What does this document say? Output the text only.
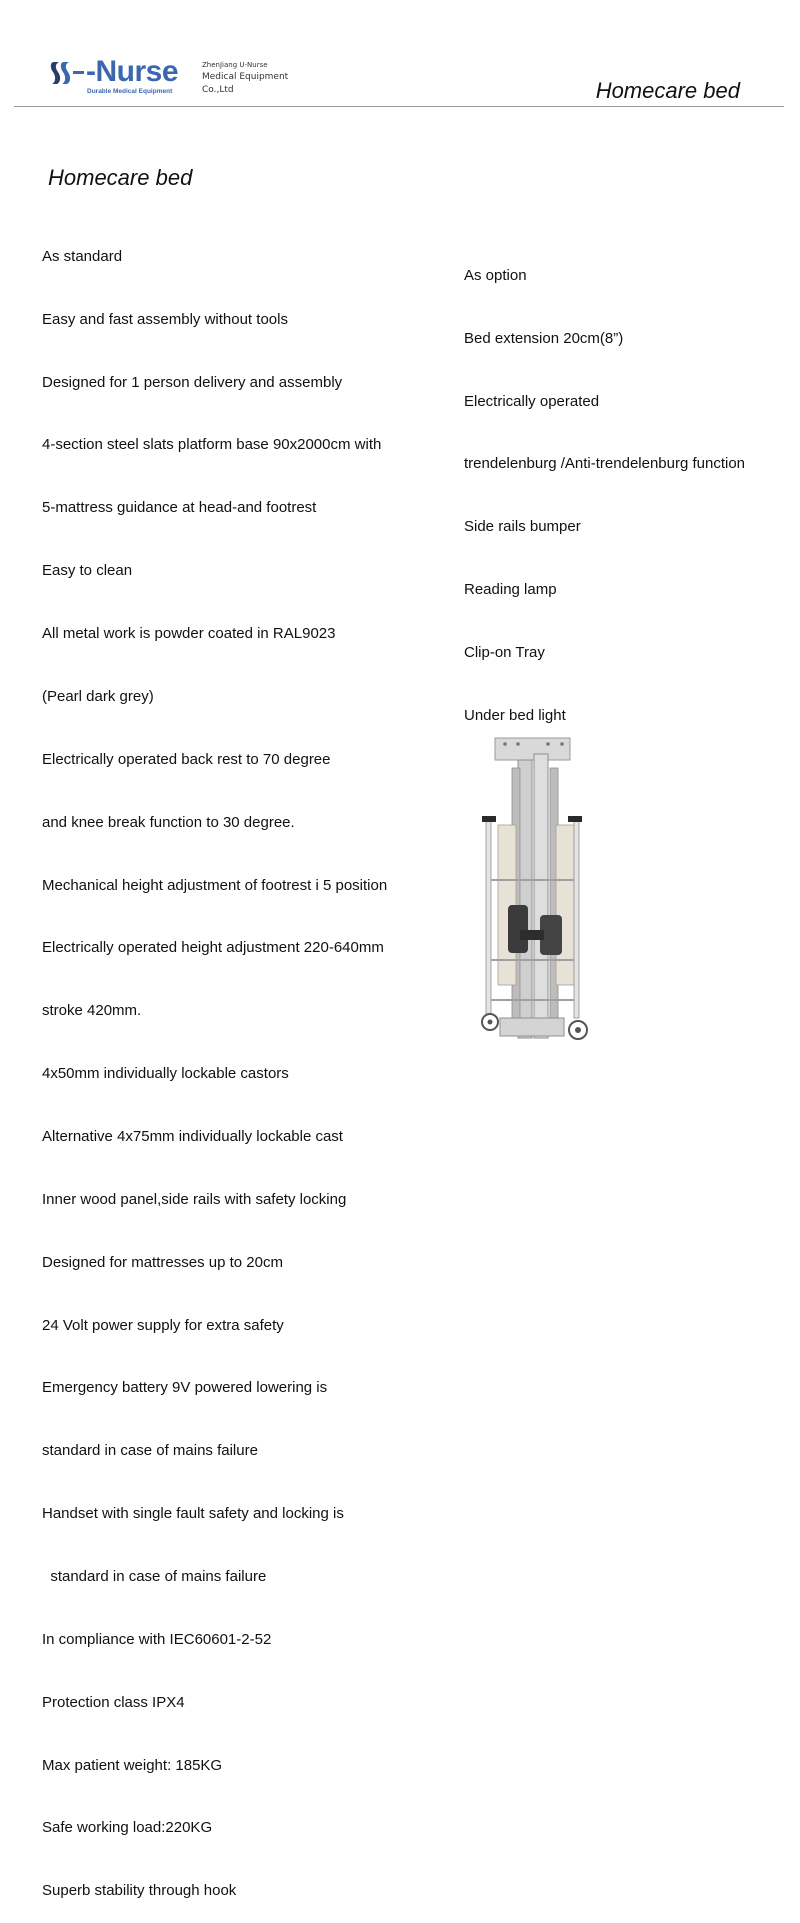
-Nurse
Durable Medical Equipment
ZhenJiang U-Nurse
Medical Equipment
Co.,Ltd	Homecare bed
Homecare bed

As standard

Easy and fast assembly without tools

Designed for 1 person delivery and assembly

4-section steel slats platform base 90x2000cm with

5-mattress guidance at head-and footrest

Easy to clean

All metal work is powder coated in RAL9023

(Pearl dark grey)

Electrically operated back rest to 70 degree

and knee break function to 30 degree.

Mechanical height adjustment of footrest i 5 position

Electrically operated height adjustment 220-640mm

stroke 420mm.

4x50mm individually lockable castors

Alternative 4x75mm individually lockable cast

Inner wood panel,side rails with safety locking

Designed for mattresses up to 20cm

24 Volt power supply for extra safety

Emergency battery 9V powered lowering is

standard in case of mains failure

Handset with single fault safety and locking is

standard in case of mains failure

In compliance with IEC60601-2-52

Protection class IPX4

Max patient weight: 185KG

Safe working load:220KG

Superb stability through hook

As option

Bed extension 20cm(8”)

Electrically operated

trendelenburg /Anti-trendelenburg function

Side rails bumper

Reading lamp

Clip-on Tray

Under bed light
